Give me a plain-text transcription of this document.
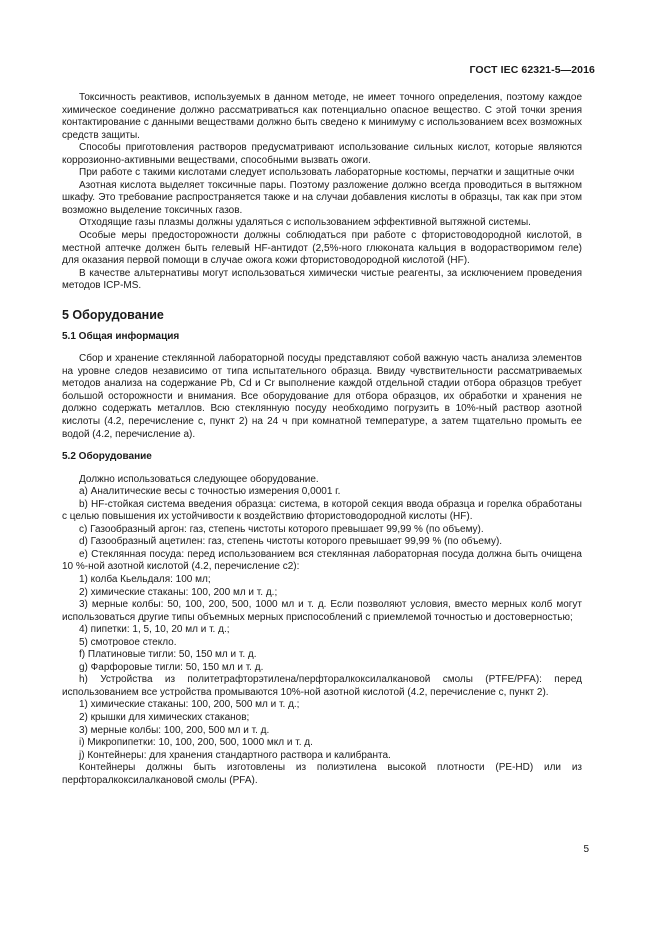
ГОСТ IEC 62321-5—2016

Токсичность реактивов, используемых в данном методе, не имеет точного определения, поэтому каждое химическое соединение должно рассматриваться как потенциально опасное вещество. С этой точки зрения контактирование с данными веществами должно быть сведено к минимуму с использованием всех возможных средств защиты.

Способы приготовления растворов предусматривают использование сильных кислот, которые являются коррозионно-активными веществами, способными вызвать ожоги.

При работе с такими кислотами следует использовать лабораторные костюмы, перчатки и защитные очки

Азотная кислота выделяет токсичные пары. Поэтому разложение должно всегда проводиться в вытяжном шкафу. Это требование распространяется также и на случаи добавления кислоты в образцы, так как при этом возможно выделение токсичных газов.

Отходящие газы плазмы должны удаляться с использованием эффективной вытяжной системы.

Особые меры предосторожности должны соблюдаться при работе с фтористоводородной кислотой, в местной аптечке должен быть гелевый HF-антидот (2,5%-ного глюконата кальция в водорастворимом геле) для оказания первой помощи в случае ожога кожи фтористоводородной кислотой (HF).

В качестве альтернативы могут использоваться химически чистые реагенты, за исключением проведения методов ICP-MS.

5 Оборудование
5.1 Общая информация

Сбор и хранение стеклянной лабораторной посуды представляют собой важную часть анализа элементов на уровне следов независимо от типа испытательного образца. Ввиду чувствительности рассматриваемых методов анализа на содержание Pb, Cd и Cr выполнение каждой отдельной стадии отбора образцов требует большой осторожности и внимания. Все оборудование для отбора образцов, их обработки и хранения не должно содержать металлов. Всю стеклянную посуду необходимо погрузить в 10%-ный раствор азотной кислоты (4.2, перечисление с, пункт 2) на 24 ч при комнатной температуре, а затем тщательно промыть ее водой (4.2, перечисление а).

5.2 Оборудование

Должно использоваться следующее оборудование.

a) Аналитические весы с точностью измерения 0,0001 г.

b) HF-стойкая система введения образца: система, в которой секция ввода образца и горелка обработаны с целью повышения их устойчивости к воздействию фтористоводородной кислоты (HF).

c) Газообразный аргон: газ, степень чистоты которого превышает 99,99 % (по объему).

d) Газообразный ацетилен: газ, степень чистоты которого превышает 99,99 % (по объему).

e) Стеклянная посуда: перед использованием вся стеклянная лабораторная посуда должна быть очищена 10 %-ной азотной кислотой (4.2, перечисление с2):

1) колба Кьельдаля: 100 мл;

2) химические стаканы: 100, 200 мл и т. д.;

3) мерные колбы: 50, 100, 200, 500, 1000 мл и т. д. Если позволяют условия, вместо мерных колб могут использоваться другие типы объемных мерных приспособлений с приемлемой точностью и достоверностью;

4) пипетки: 1, 5, 10, 20 мл и т. д.;

5) смотровое стекло.

f) Платиновые тигли: 50, 150 мл и т. д.

g) Фарфоровые тигли: 50, 150 мл и т. д.

h) Устройства из политетрафторэтилена/перфторалкоксилалкановой смолы (PTFE/PFA): перед использованием все устройства промываются 10%-ной азотной кислотой (4.2, перечисление с, пункт 2).

1) химические стаканы: 100, 200, 500 мл и т. д.;

2) крышки для химических стаканов;

3) мерные колбы: 100, 200, 500 мл и т. д.

i) Микропипетки: 10, 100, 200, 500, 1000 мкл и т. д.

j) Контейнеры: для хранения стандартного раствора и калибранта.

Контейнеры должны быть изготовлены из полиэтилена высокой плотности (PE-HD) или из перфторалкоксилалкановой смолы (PFA).

5
